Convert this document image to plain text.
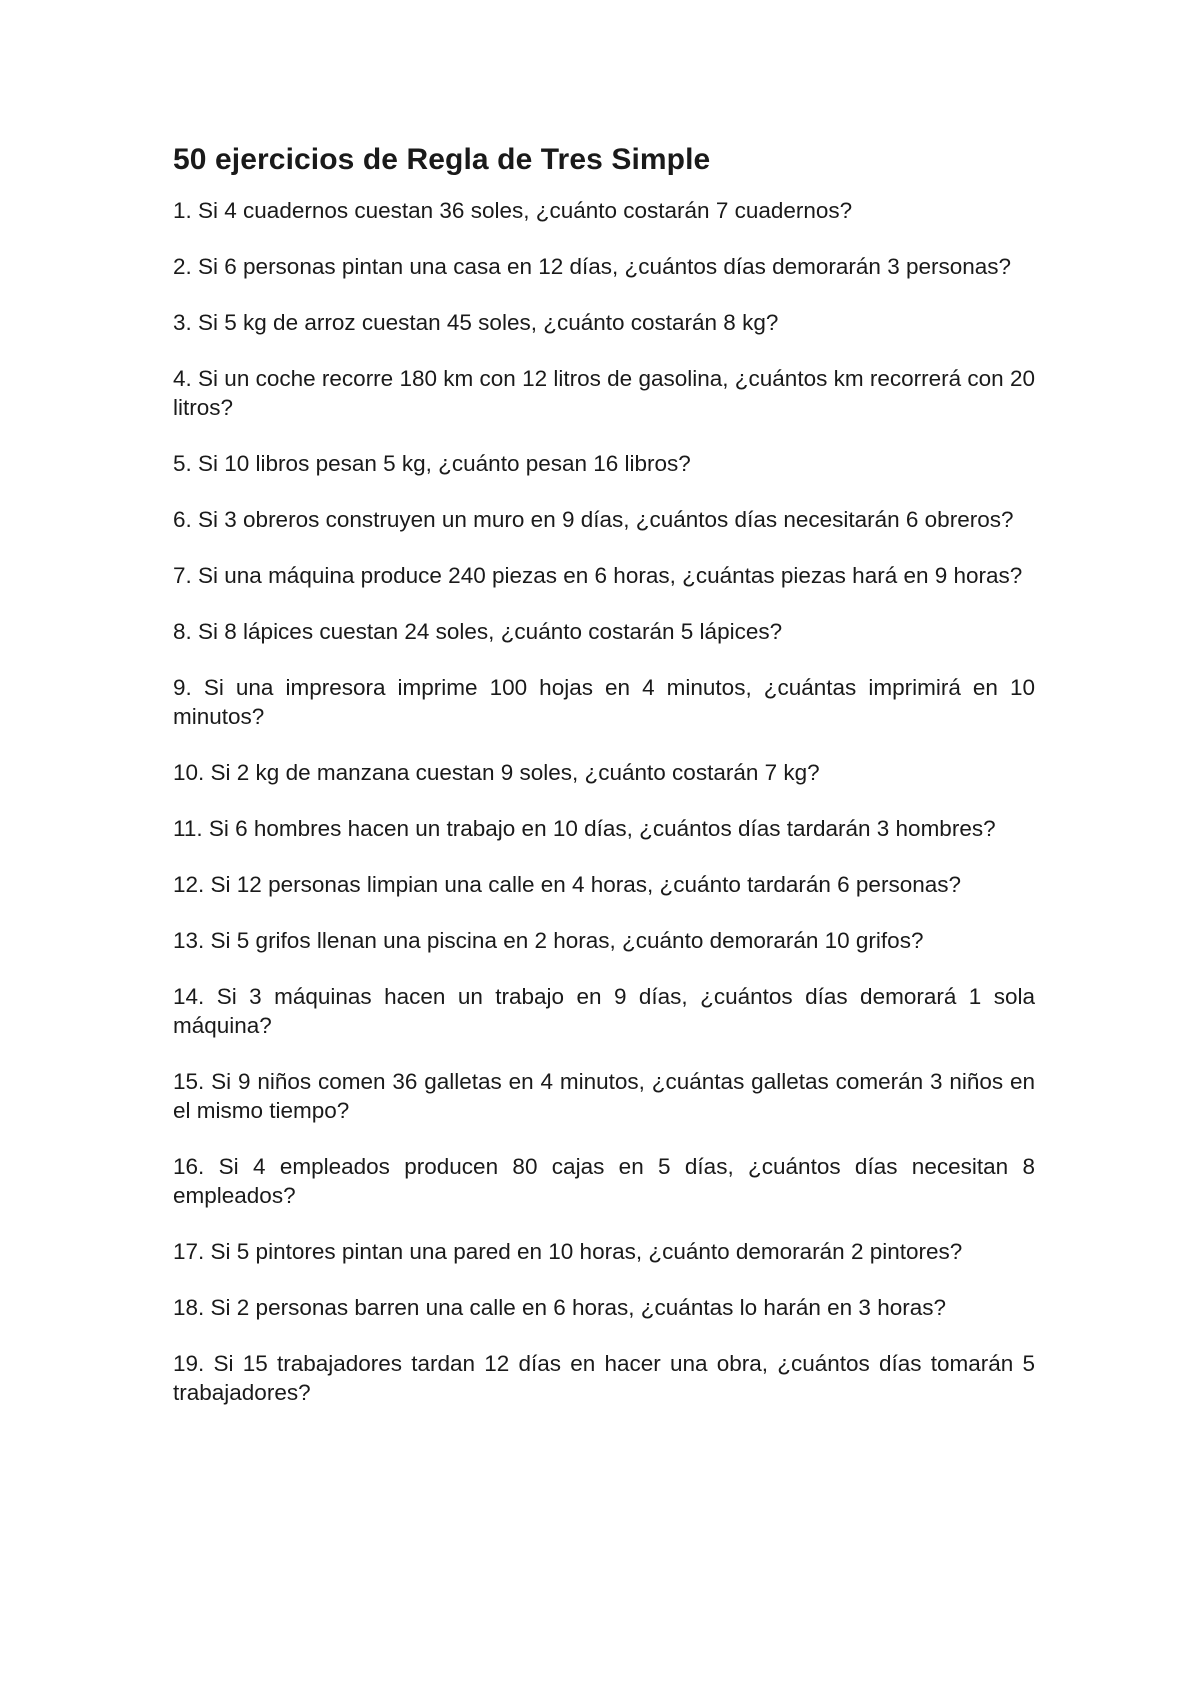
50 ejercicios de Regla de Tres Simple
1. Si 4 cuadernos cuestan 36 soles, ¿cuánto costarán 7 cuadernos?
2. Si 6 personas pintan una casa en 12 días, ¿cuántos días demorarán 3 personas?
3. Si 5 kg de arroz cuestan 45 soles, ¿cuánto costarán 8 kg?
4. Si un coche recorre 180 km con 12 litros de gasolina, ¿cuántos km recorrerá con 20 litros?
5. Si 10 libros pesan 5 kg, ¿cuánto pesan 16 libros?
6. Si 3 obreros construyen un muro en 9 días, ¿cuántos días necesitarán 6 obreros?
7. Si una máquina produce 240 piezas en 6 horas, ¿cuántas piezas hará en 9 horas?
8. Si 8 lápices cuestan 24 soles, ¿cuánto costarán 5 lápices?
9. Si una impresora imprime 100 hojas en 4 minutos, ¿cuántas imprimirá en 10 minutos?
10. Si 2 kg de manzana cuestan 9 soles, ¿cuánto costarán 7 kg?
11. Si 6 hombres hacen un trabajo en 10 días, ¿cuántos días tardarán 3 hombres?
12. Si 12 personas limpian una calle en 4 horas, ¿cuánto tardarán 6 personas?
13. Si 5 grifos llenan una piscina en 2 horas, ¿cuánto demorarán 10 grifos?
14. Si 3 máquinas hacen un trabajo en 9 días, ¿cuántos días demorará 1 sola máquina?
15. Si 9 niños comen 36 galletas en 4 minutos, ¿cuántas galletas comerán 3 niños en el mismo tiempo?
16. Si 4 empleados producen 80 cajas en 5 días, ¿cuántos días necesitan 8 empleados?
17. Si 5 pintores pintan una pared en 10 horas, ¿cuánto demorarán 2 pintores?
18. Si 2 personas barren una calle en 6 horas, ¿cuántas lo harán en 3 horas?
19. Si 15 trabajadores tardan 12 días en hacer una obra, ¿cuántos días tomarán 5 trabajadores?
